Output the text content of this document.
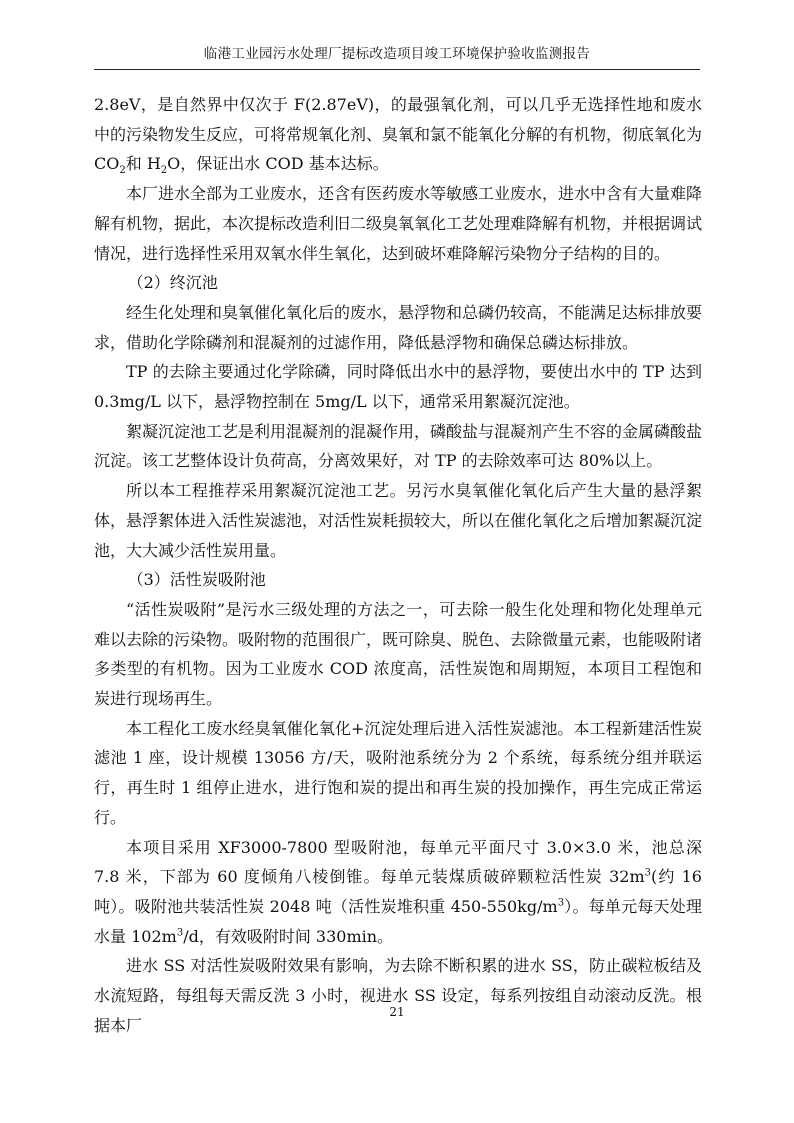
临港工业园污水处理厂提标改造项目竣工环境保护验收监测报告

2.8eV，是自然界中仅次于 F(2.87eV)，的最强氧化剂，可以几乎无选择性地和废水中的污染物发生反应，可将常规氧化剂、臭氧和氯不能氧化分解的有机物，彻底氧化为 $CO_2$和 $H_2O$，保证出水 COD 基本达标。

本厂进水全部为工业废水，还含有医药废水等敏感工业废水，进水中含有大量难降解有机物，据此，本次提标改造利旧二级臭氧氧化工艺处理难降解有机物，并根据调试情况，进行选择性采用双氧水伴生氧化，达到破坏难降解污染物分子结构的目的。

（2）终沉池

经生化处理和臭氧催化氧化后的废水，悬浮物和总磷仍较高，不能满足达标排放要求，借助化学除磷剂和混凝剂的过滤作用，降低悬浮物和确保总磷达标排放。

TP 的去除主要通过化学除磷，同时降低出水中的悬浮物，要使出水中的 TP 达到 0.3mg/L 以下，悬浮物控制在 5mg/L 以下，通常采用絮凝沉淀池。

絮凝沉淀池工艺是利用混凝剂的混凝作用，磷酸盐与混凝剂产生不容的金属磷酸盐沉淀。该工艺整体设计负荷高，分离效果好，对 TP 的去除效率可达 80%以上。

所以本工程推荐采用絮凝沉淀池工艺。另污水臭氧催化氧化后产生大量的悬浮絮体，悬浮絮体进入活性炭滤池，对活性炭耗损较大，所以在催化氧化之后增加絮凝沉淀池，大大减少活性炭用量。

（3）活性炭吸附池

“活性炭吸附”是污水三级处理的方法之一，可去除一般生化处理和物化处理单元难以去除的污染物。吸附物的范围很广，既可除臭、脱色、去除微量元素，也能吸附诸多类型的有机物。因为工业废水 COD 浓度高，活性炭饱和周期短，本项目工程饱和炭进行现场再生。

本工程化工废水经臭氧催化氧化+沉淀处理后进入活性炭滤池。本工程新建活性炭滤池 1 座，设计规模 13056 方/天，吸附池系统分为 2 个系统，每系统分组并联运行，再生时 1 组停止进水，进行饱和炭的提出和再生炭的投加操作，再生完成正常运行。

本项目采用 XF3000-7800 型吸附池，每单元平面尺寸 3.0×3.0 米，池总深 7.8 米，下部为 60 度倾角八棱倒锥。每单元装煤质破碎颗粒活性炭 $32m^3$(约 16 吨）。吸附池共装活性炭 2048 吨（活性炭堆积重 $450-550kg/m^3$）。每单元每天处理水量 $102m^3/d$，有效吸附时间 330min。

进水 SS 对活性炭吸附效果有影响，为去除不断积累的进水 SS，防止碳粒板结及水流短路，每组每天需反洗 3 小时，视进水 SS 设定，每系列按组自动滚动反洗。根据本厂

21
